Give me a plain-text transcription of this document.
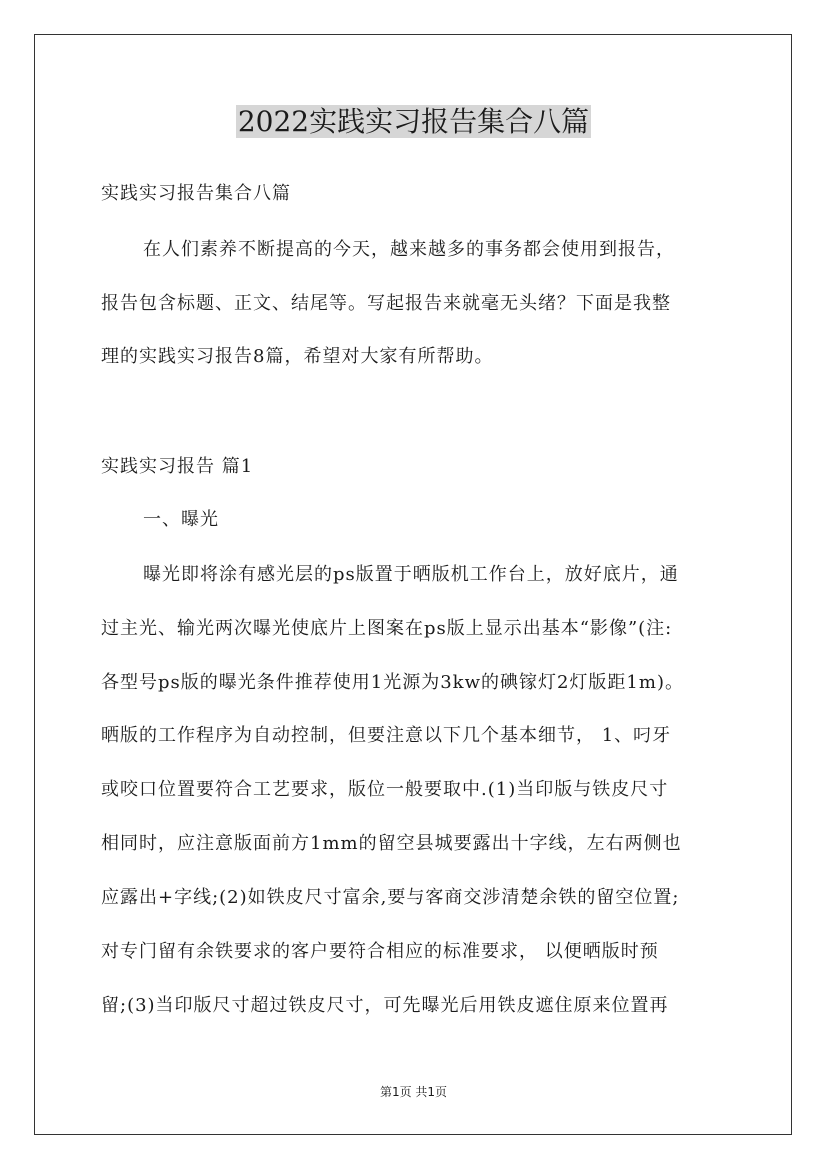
2022实践实习报告集合八篇
实践实习报告集合八篇
在人们素养不断提高的今天，越来越多的事务都会使用到报告，
报告包含标题、正文、结尾等。写起报告来就毫无头绪？下面是我整
理的实践实习报告8篇，希望对大家有所帮助。
实践实习报告 篇1
一、曝光
曝光即将涂有感光层的ps版置于晒版机工作台上，放好底片，通
过主光、输光两次曝光使底片上图案在ps版上显示出基本“影像”(注:
各型号ps版的曝光条件推荐使用1光源为3kw的碘镓灯2灯版距1m)。
晒版的工作程序为自动控制，但要注意以下几个基本细节， 1、叼牙
或咬口位置要符合工艺要求，版位一般要取中.(1)当印版与铁皮尺寸
相同时，应注意版面前方1mm的留空县城要露出十字线，左右两侧也
应露出+字线;(2)如铁皮尺寸富余,要与客商交涉清楚余铁的留空位置;
对专门留有余铁要求的客户要符合相应的标准要求， 以便晒版时预
留;(3)当印版尺寸超过铁皮尺寸，可先曝光后用铁皮遮住原来位置再
第1页 共1页
